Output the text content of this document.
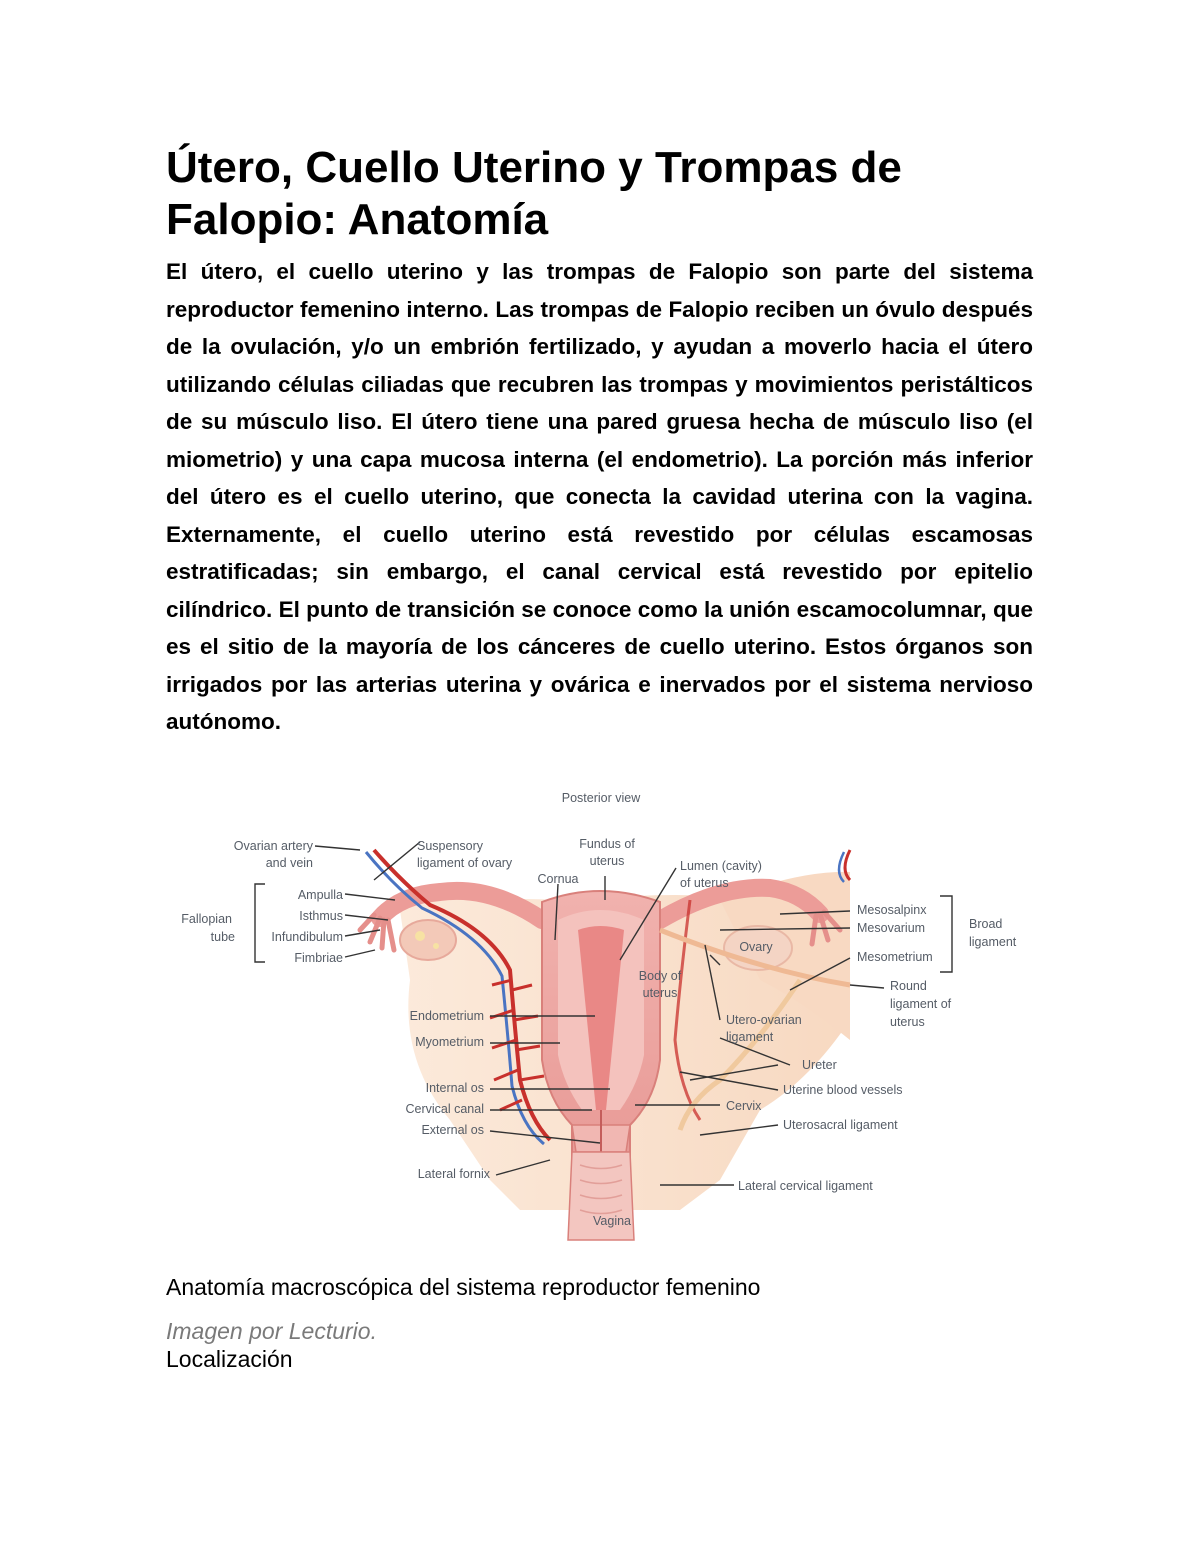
Útero, Cuello Uterino y Trompas de Falopio: Anatomía

El útero, el cuello uterino y las trompas de Falopio son parte del sistema reproductor femenino interno. Las trompas de Falopio reciben un óvulo después de la ovulación, y/o un embrión fertilizado, y ayudan a moverlo hacia el útero utilizando células ciliadas que recubren las trompas y movimientos peristálticos de su músculo liso. El útero tiene una pared gruesa hecha de músculo liso (el miometrio) y una capa mucosa interna (el endometrio). La porción más inferior del útero es el cuello uterino, que conecta la cavidad uterina con la vagina. Externamente, el cuello uterino está revestido por células escamosas estratificadas; sin embargo, el canal cervical está revestido por epitelio cilíndrico. El punto de transición se conoce como la unión escamocolumnar, que es el sitio de la mayoría de los cánceres de cuello uterino. Estos órganos son irrigados por las arterias uterina y ovárica e inervados por el sistema nervioso autónomo.

Posterior view
Ovarian artery
and vein
Suspensory
ligament of ovary
Fundus of
uterus	Lumen (cavity)
of uterus
Cornua
Fallopian
tube
Ampulla
Isthmus
Infundibulum
Fimbriae
Mesosalpinx
Mesovarium
Mesometrium
Broad
ligament
Ovary
Body of
uterus	Round
ligament of
uterus
Endometrium
Myometrium
Utero-ovarian
ligament
Ureter
Uterine blood vessels
Internal os
Cervical canal
External os
Cervix
Uterosacral ligament
Lateral fornix
Lateral cervical ligament
Vagina

Anatomía macroscópica del sistema reproductor femenino

Imagen por Lecturio.

Localización
